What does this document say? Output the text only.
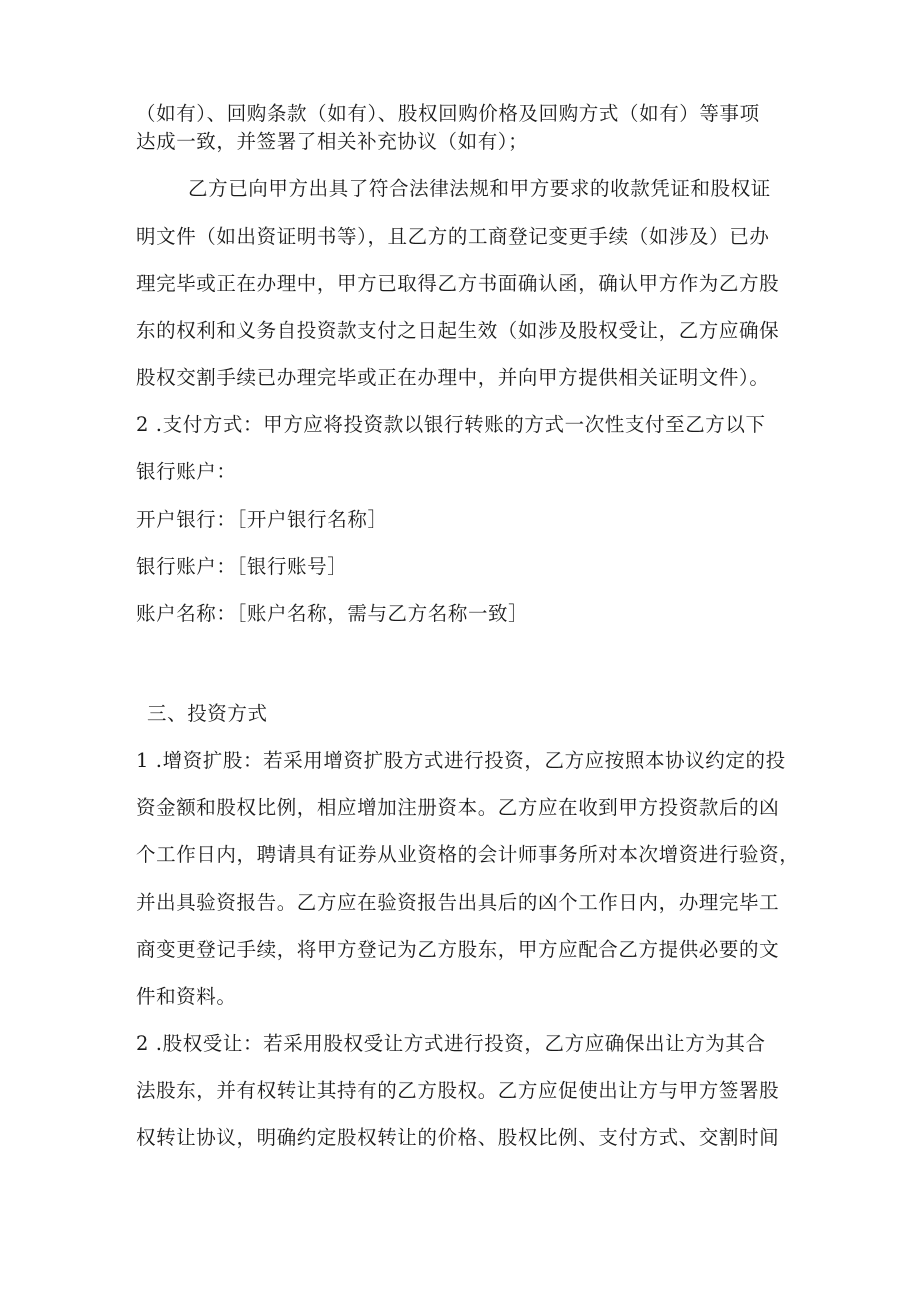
（如有）、回购条款（如有）、股权回购价格及回购方式（如有）等事项
达成一致，并签署了相关补充协议（如有）；
乙方已向甲方出具了符合法律法规和甲方要求的收款凭证和股权证
明文件（如出资证明书等），且乙方的工商登记变更手续（如涉及）已办
理完毕或正在办理中，甲方已取得乙方书面确认函，确认甲方作为乙方股
东的权利和义务自投资款支付之日起生效（如涉及股权受让，乙方应确保
股权交割手续已办理完毕或正在办理中，并向甲方提供相关证明文件）。
2 .支付方式：甲方应将投资款以银行转账的方式一次性支付至乙方以下
银行账户：
开户银行：［开户银行名称］
银行账户：［银行账号］
账户名称：［账户名称，需与乙方名称一致］
三、投资方式
1 .增资扩股：若采用增资扩股方式进行投资，乙方应按照本协议约定的投
资金额和股权比例，相应增加注册资本。乙方应在收到甲方投资款后的凶
个工作日内，聘请具有证券从业资格的会计师事务所对本次增资进行验资，
并出具验资报告。乙方应在验资报告出具后的凶个工作日内，办理完毕工
商变更登记手续，将甲方登记为乙方股东，甲方应配合乙方提供必要的文
件和资料。
2 .股权受让：若采用股权受让方式进行投资，乙方应确保出让方为其合
法股东，并有权转让其持有的乙方股权。乙方应促使出让方与甲方签署股
权转让协议，明确约定股权转让的价格、股权比例、支付方式、交割时间
